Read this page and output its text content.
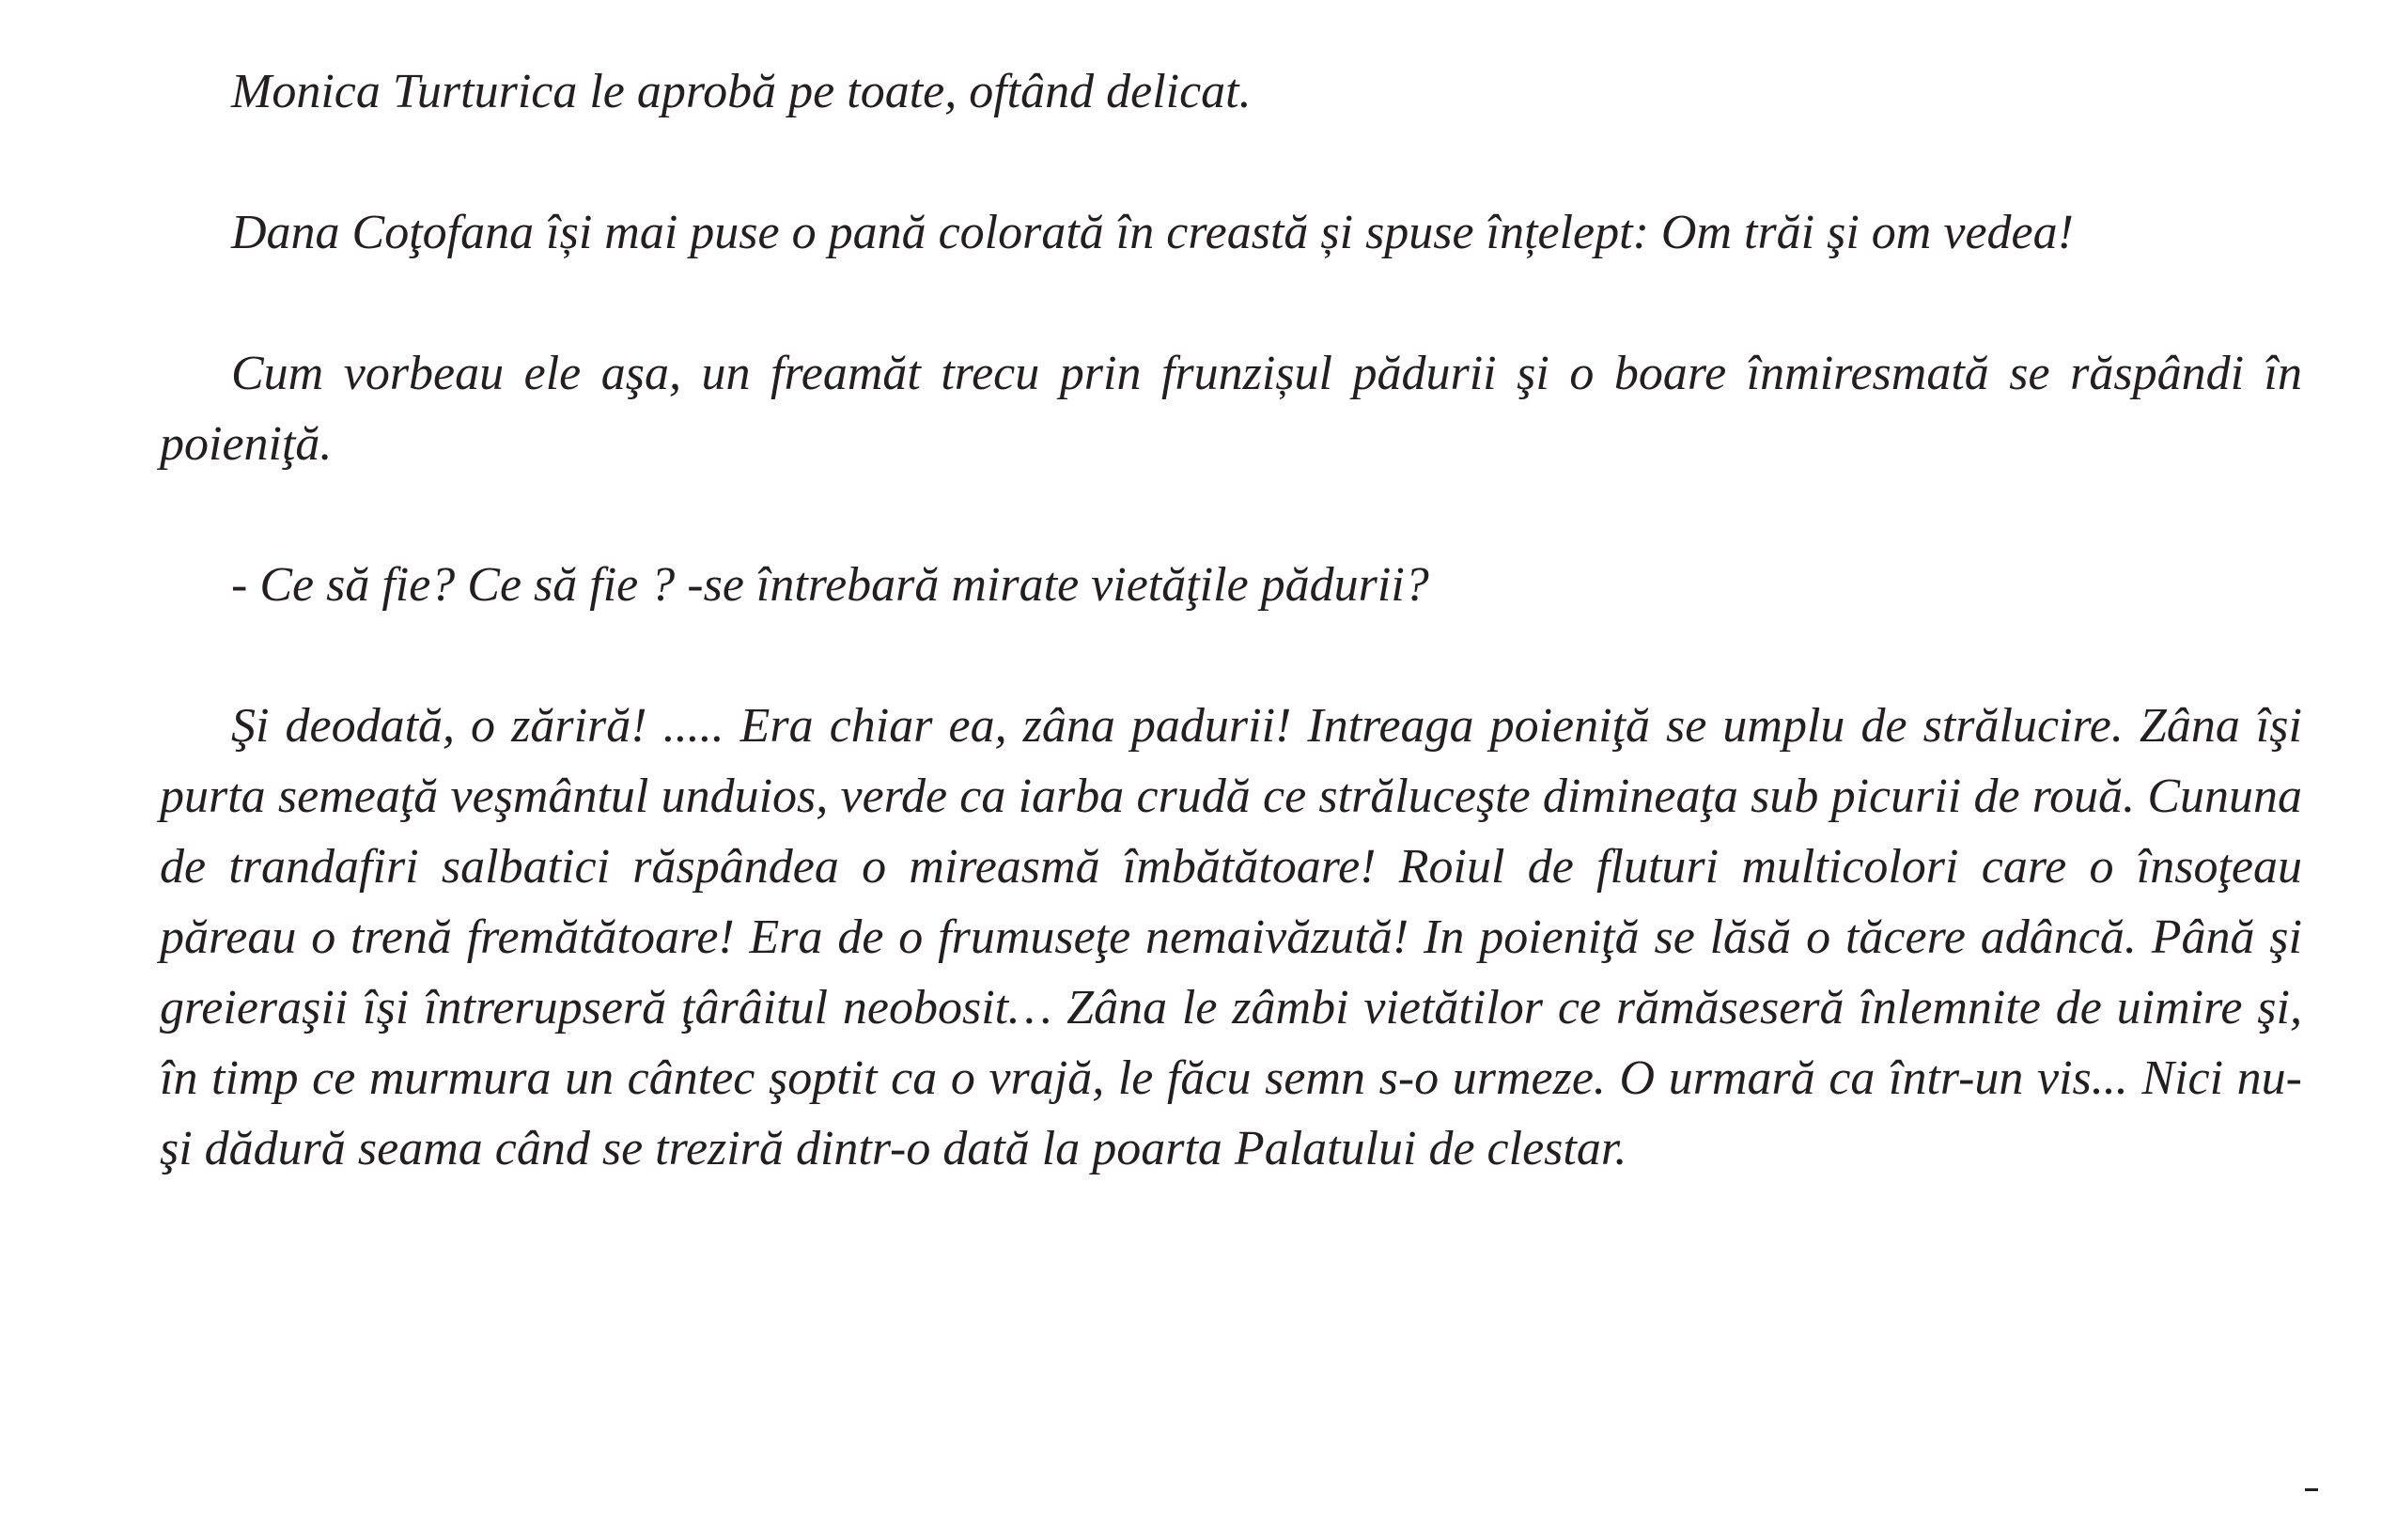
Monica Turturica le aprobă pe toate, oftând delicat.

Dana Coţofana își mai puse o pană colorată în creastă și spuse înțelept: Om trăi şi om vedea!

Cum vorbeau ele aşa, un freamăt trecu prin frunzișul pădurii şi o boare înmiresmată se răspândi în poieniţă.

- Ce să fie? Ce să fie ? -se întrebară mirate vietăţile pădurii?

Şi deodată, o zăriră! ..... Era chiar ea, zâna padurii! Intreaga poieniţă se umplu de strălucire. Zâna îşi purta semeaţă veşmântul unduios, verde ca iarba crudă ce străluceşte dimineaţa sub picurii de rouă. Cununa de trandafiri salbatici răspândea o mireasmă îmbătătoare! Roiul de fluturi multicolori care o însoţeau păreau o trenă fremătătoare! Era de o frumuseţe nemaivăzută! In poieniţă se lăsă o tăcere adâncă. Până şi greieraşii îşi întrerupseră ţârâitul neobosit… Zâna le zâmbi vietătilor ce rămăseseră înlemnite de uimire şi, în timp ce murmura un cântec şoptit ca o vrajă, le făcu semn s-o urmeze. O urmară ca într-un vis... Nici nu-şi dădură seama când se treziră dintr-o dată la poarta Palatului de clestar.
